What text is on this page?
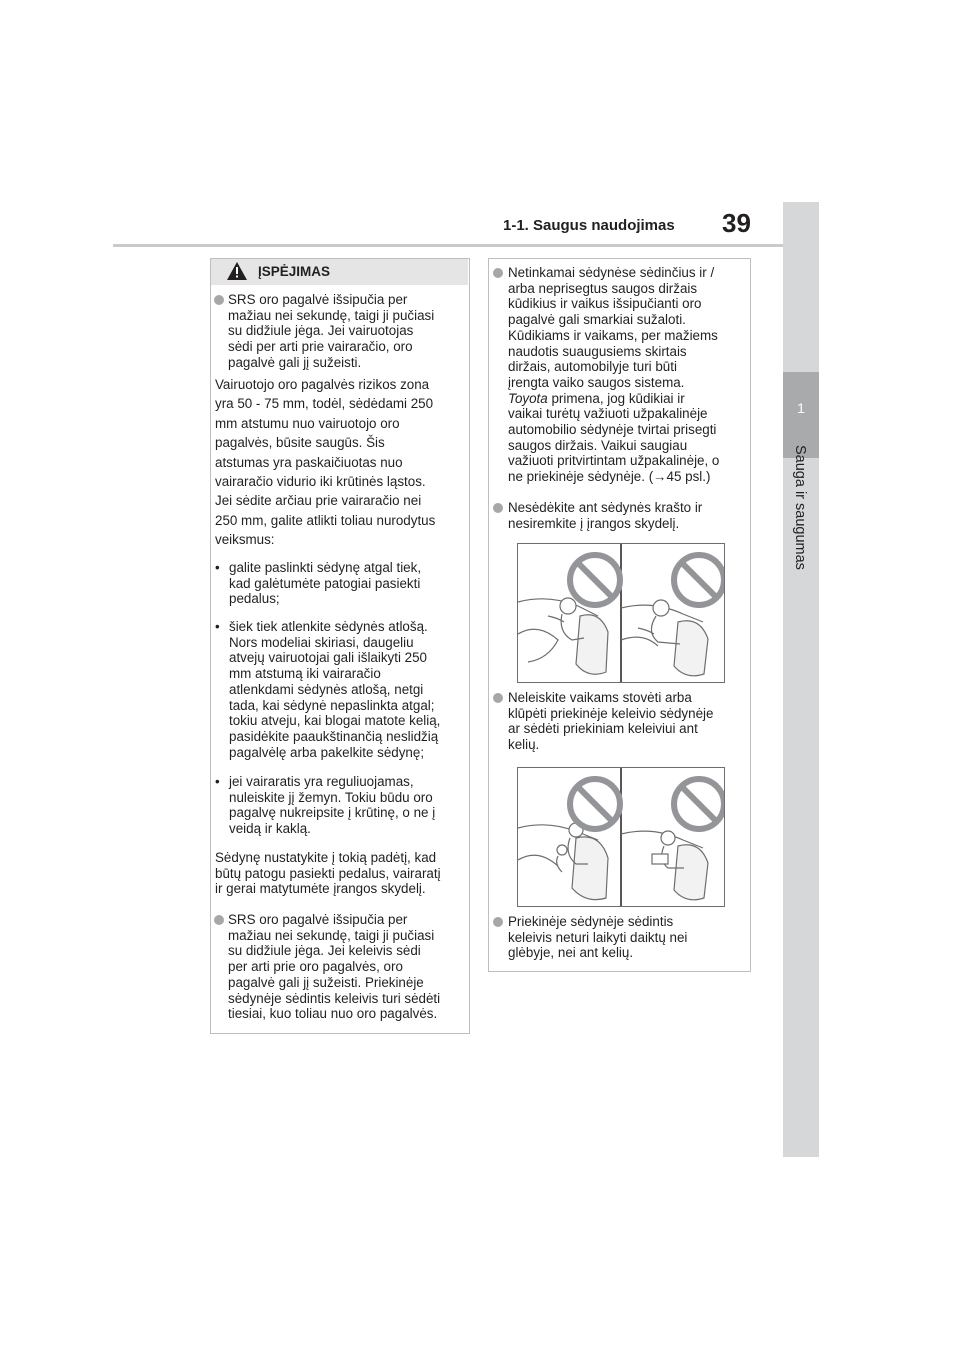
1-1. Saugus naudojimas 39
1
Sauga ir saugumas
ĮSPĖJIMAS
SRS oro pagalvė išsipučia per
mažiau nei sekundę, taigi ji pučiasi
su didžiule jėga. Jei vairuotojas
sėdi per arti prie vairaračio, oro
pagalvė gali jį sužeisti.
Vairuotojo oro pagalvės rizikos zona
yra 50 - 75 mm, todėl, sėdėdami 250
mm atstumu nuo vairuotojo oro
pagalvės, būsite saugūs. Šis
atstumas yra paskaičiuotas nuo
vairaračio vidurio iki krūtinės ląstos.
Jei sėdite arčiau prie vairaračio nei
250 mm, galite atlikti toliau nurodytus
veiksmus:
• galite paslinkti sėdynę atgal tiek,
kad galėtumėte patogiai pasiekti
pedalus;
• šiek tiek atlenkite sėdynės atlošą.
Nors modeliai skiriasi, daugeliu
atvejų vairuotojai gali išlaikyti 250
mm atstumą iki vairaračio
atlenkdami sėdynės atlošą, netgi
tada, kai sėdynė nepaslinkta atgal;
tokiu atveju, kai blogai matote kelią,
pasidėkite paaukštinančią neslidžią
pagalvėlę arba pakelkite sėdynę;
• jei vairaratis yra reguliuojamas,
nuleiskite jį žemyn. Tokiu būdu oro
pagalvę nukreipsite į krūtinę, o ne į
veidą ir kaklą.
Sėdynę nustatykite į tokią padėtį, kad
būtų patogu pasiekti pedalus, vairaratį
ir gerai matytumėte įrangos skydelį.
SRS oro pagalvė išsipučia per
mažiau nei sekundę, taigi ji pučiasi
su didžiule jėga. Jei keleivis sėdi
per arti prie oro pagalvės, oro
pagalvė gali jį sužeisti. Priekinėje
sėdynėje sėdintis keleivis turi sėdėti
tiesiai, kuo toliau nuo oro pagalvės.
Netinkamai sėdynėse sėdinčius ir /
arba neprisegtus saugos diržais
kūdikius ir vaikus išsipučianti oro
pagalvė gali smarkiai sužaloti.
Kūdikiams ir vaikams, per mažiems
naudotis suaugusiems skirtais
diržais, automobilyje turi būti
įrengta vaiko saugos sistema.
Toyota primena, jog kūdikiai ir
vaikai turėtų važiuoti užpakalinėje
automobilio sėdynėje tvirtai prisegti
saugos diržais. Vaikui saugiau
važiuoti pritvirtintam užpakalinėje, o
ne priekinėje sėdynėje. (→45 psl.)
Nesėdėkite ant sėdynės krašto ir
nesiremkite į įrangos skydelį.
Neleiskite vaikams stovėti arba
klūpėti priekinėje keleivio sėdynėje
ar sėdėti priekiniam keleiviui ant
kelių.
Priekinėje sėdynėje sėdintis
keleivis neturi laikyti daiktų nei
glėbyje, nei ant kelių.
